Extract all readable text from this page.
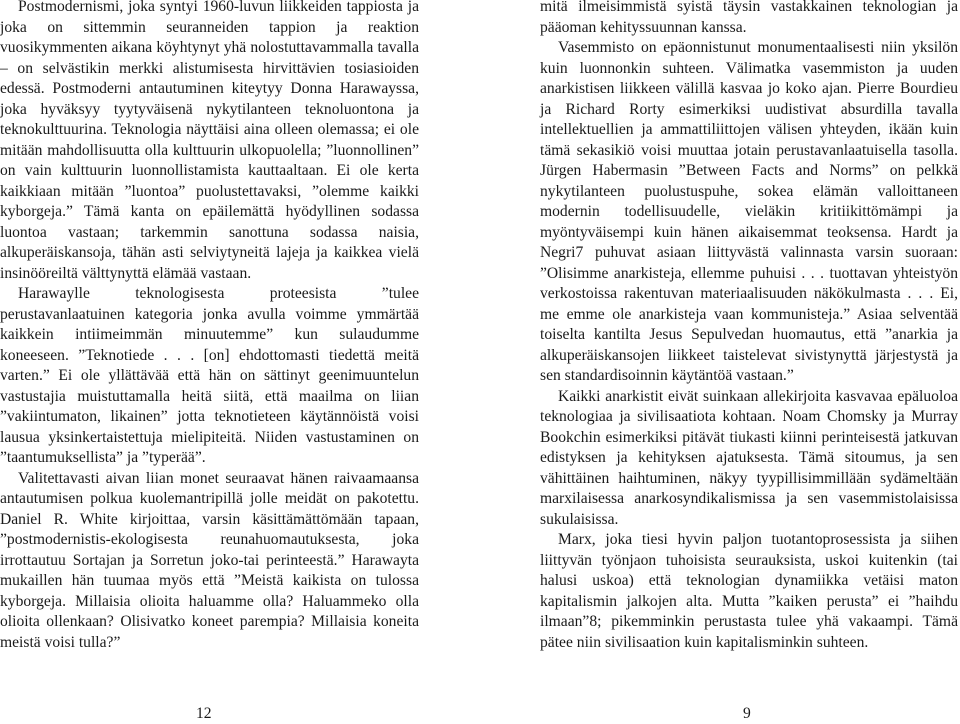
Postmodernismi, joka syntyi 1960-luvun liikkeiden tappiosta ja joka on sittemmin seuranneiden tappion ja reaktion vuosikymmenten aikana köyhtynyt yhä nolostuttavammalla tavalla – on selvästikin merkki alistumisesta hirvittävien tosiasioiden edessä. Postmoderni antautuminen kiteytyy Donna Harawayssa, joka hyväksyy tyytyväisenä nykytilanteen teknoluontona ja teknokulttuurina. Teknologia näyttäisi aina olleen olemassa; ei ole mitään mahdollisuutta olla kulttuurin ulkopuolella; ”luonnollinen” on vain kulttuurin luonnollistamista kauttaaltaan. Ei ole kerta kaikkiaan mitään ”luontoa” puolustettavaksi, ”olemme kaikki kyborgeja.” Tämä kanta on epäilemättä hyödyllinen sodassa luontoa vastaan; tarkemmin sanottuna sodassa naisia, alkuperäiskansoja, tähän asti selviytyneitä lajeja ja kaikkea vielä insinööreiltä välttynyttä elämää vastaan.

Harawaylle teknologisesta proteesista ”tulee perustavanlaatuinen kategoria jonka avulla voimme ymmärtää kaikkein intiimeimmän minuutemme” kun sulaudumme koneeseen. ”Teknotiede . . . [on] ehdottomasti tiedettä meitä varten.” Ei ole yllättävää että hän on sättinyt geenimuuntelun vastustajia muistuttamalla heitä siitä, että maailma on liian ”vakiintumaton, likainen” jotta teknotieteen käytännöistä voisi lausua yksinkertaistettuja mielipiteitä. Niiden vastustaminen on ”taantumuksellista” ja ”typerää”.

Valitettavasti aivan liian monet seuraavat hänen raivaamaansa antautumisen polkua kuolemantripillä jolle meidät on pakotettu. Daniel R. White kirjoittaa, varsin käsittämättömään tapaan, ”postmodernistis-ekologisesta reunahuomautuksesta, joka irrottautuu Sortajan ja Sorretun joko-tai perinteestä.” Harawayta mukaillen hän tuumaa myös että ”Meistä kaikista on tulossa kyborgeja. Millaisia olioita haluamme olla? Haluammeko olla olioita ollenkaan? Olisivatko koneet parempia? Millaisia koneita meistä voisi tulla?”

12

mitä ilmeisimmistä syistä täysin vastakkainen teknologian ja pääoman kehityssuunnan kanssa.

Vasemmisto on epäonnistunut monumentaalisesti niin yksilön kuin luonnonkin suhteen. Välimatka vasemmiston ja uuden anarkistisen liikkeen välillä kasvaa jo koko ajan. Pierre Bourdieu ja Richard Rorty esimerkiksi uudistivat absurdilla tavalla intellektuellien ja ammattiliittojen välisen yhteyden, ikään kuin tämä sekasikiö voisi muuttaa jotain perustavanlaatuisella tasolla. Jürgen Habermasin ”Between Facts and Norms” on pelkkä nykytilanteen puolustuspuhe, sokea elämän valloittaneen modernin todellisuudelle, vieläkin kritiikittömämpi ja myöntyväisempi kuin hänen aikaisemmat teoksensa. Hardt ja Negri7 puhuvat asiaan liittyvästä valinnasta varsin suoraan: ”Olisimme anarkisteja, ellemme puhuisi . . . tuottavan yhteistyön verkostoissa rakentuvan materiaalisuuden näkökulmasta . . . Ei, me emme ole anarkisteja vaan kommunisteja.” Asiaa selventää toiselta kantilta Jesus Sepulvedan huomautus, että ”anarkia ja alkuperäiskansojen liikkeet taistelevat sivistynyttä järjestystä ja sen standardisoinnin käytäntöä vastaan.”

Kaikki anarkistit eivät suinkaan allekirjoita kasvavaa epäluoloa teknologiaa ja sivilisaatiota kohtaan. Noam Chomsky ja Murray Bookchin esimerkiksi pitävät tiukasti kiinni perinteisestä jatkuvan edistyksen ja kehityksen ajatuksesta. Tämä sitoumus, ja sen vähittäinen haihtuminen, näkyy tyypillisimmillään sydämeltään marxilaisessa anarkosyndikalismissa ja sen vasemmistolaisissa sukulaisissa.

Marx, joka tiesi hyvin paljon tuotantoprosessista ja siihen liittyvän työnjaon tuhoisista seurauksista, uskoi kuitenkin (tai halusi uskoa) että teknologian dynamiikka vetäisi maton kapitalismin jalkojen alta. Mutta ”kaiken perusta” ei ”haihdu ilmaan”8; pikemminkin perustasta tulee yhä vakaampi. Tämä pätee niin sivilisaation kuin kapitalisminkin suhteen.

9
